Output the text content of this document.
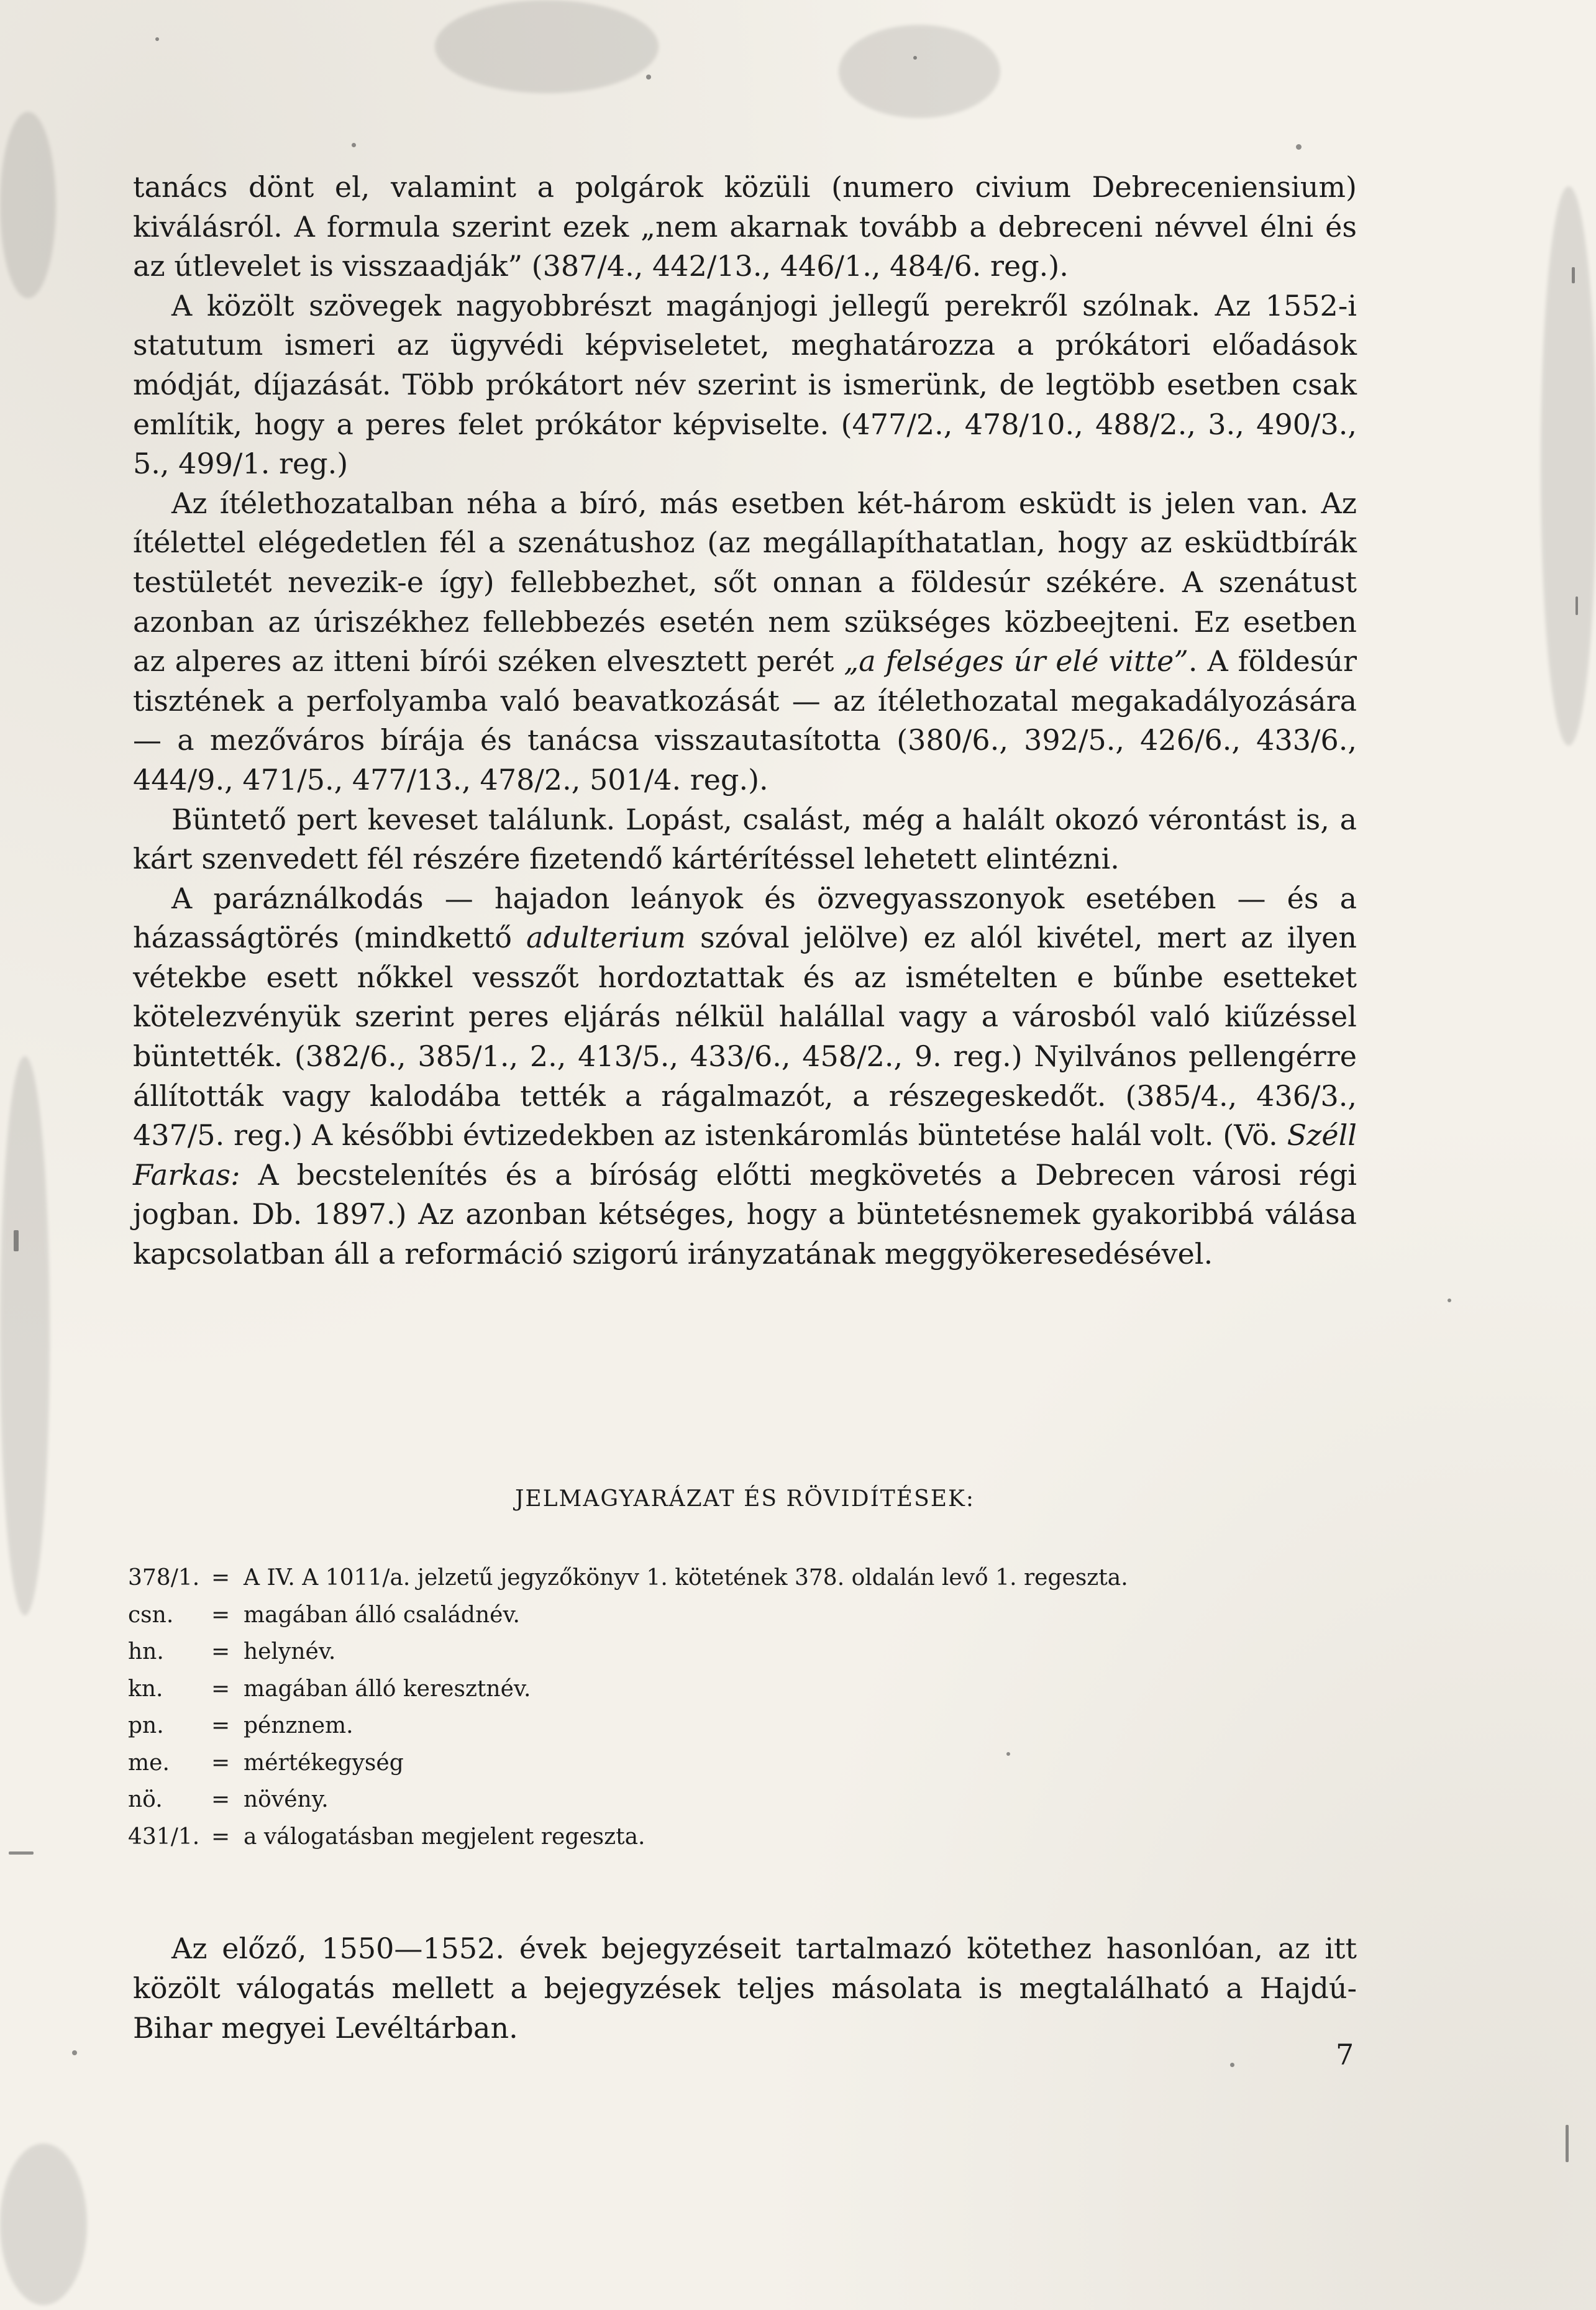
tanács dönt el, valamint a polgárok közüli (numero civium Debreceniensium) kiválásról. A formula szerint ezek „nem akarnak tovább a debreceni névvel élni és az útlevelet is visszaadják” (387/4., 442/13., 446/1., 484/6. reg.).

A közölt szövegek nagyobbrészt magánjogi jellegű perekről szólnak. Az 1552-i statutum ismeri az ügyvédi képviseletet, meghatározza a prókátori előadások módját, díjazását. Több prókátort név szerint is ismerünk, de legtöbb esetben csak említik, hogy a peres felet prókátor képviselte. (477/2., 478/10., 488/2., 3., 490/3., 5., 499/1. reg.)

Az ítélethozatalban néha a bíró, más esetben két-három esküdt is jelen van. Az ítélettel elégedetlen fél a szenátushoz (az megállapíthatatlan, hogy az esküdtbírák testületét nevezik-e így) fellebbezhet, sőt onnan a földesúr székére. A szenátust azonban az úriszékhez fellebbezés esetén nem szükséges közbeejteni. Ez esetben az alperes az itteni bírói széken elvesztett perét „a felséges úr elé vitte”. A földesúr tisztének a perfolyamba való beavatkozását — az ítélethozatal megakadályozására — a mezőváros bírája és tanácsa visszautasította (380/6., 392/5., 426/6., 433/6., 444/9., 471/5., 477/13., 478/2., 501/4. reg.).

Büntető pert keveset találunk. Lopást, csalást, még a halált okozó vérontást is, a kárt szenvedett fél részére fizetendő kártérítéssel lehetett elintézni.

A paráználkodás — hajadon leányok és özvegyasszonyok esetében — és a házasságtörés (mindkettő adulterium szóval jelölve) ez alól kivétel, mert az ilyen vétekbe esett nőkkel vesszőt hordoztattak és az ismételten e bűnbe esetteket kötelezvényük szerint peres eljárás nélkül halállal vagy a városból való kiűzéssel büntették. (382/6., 385/1., 2., 413/5., 433/6., 458/2., 9. reg.) Nyilvános pellengérre állították vagy kalodába tették a rágalmazót, a részegeskedőt. (385/4., 436/3., 437/5. reg.) A későbbi évtizedekben az istenkáromlás büntetése halál volt. (Vö. Széll Farkas: A becstelenítés és a bíróság előtti megkövetés a Debrecen városi régi jogban. Db. 1897.) Az azonban kétséges, hogy a büntetésnemek gyakoribbá válása kapcsolatban áll a reformáció szigorú irányzatának meggyökeresedésével.

JELMAGYARÁZAT ÉS RÖVIDÍTÉSEK:
378/1. = A IV. A 1011/a. jelzetű jegyzőkönyv 1. kötetének 378. oldalán levő 1. regeszta.
csn.	= magában álló családnév.
hn.	= helynév.
kn.	= magában álló keresztnév.
pn.	= pénznem.
me.	= mértékegység
nö.	= növény.
431/1. = a válogatásban megjelent regeszta.

Az előző, 1550—1552. évek bejegyzéseit tartalmazó kötethez hasonlóan, az itt közölt válogatás mellett a bejegyzések teljes másolata is megtalálható a Hajdú-Bihar megyei Levéltárban.

7
